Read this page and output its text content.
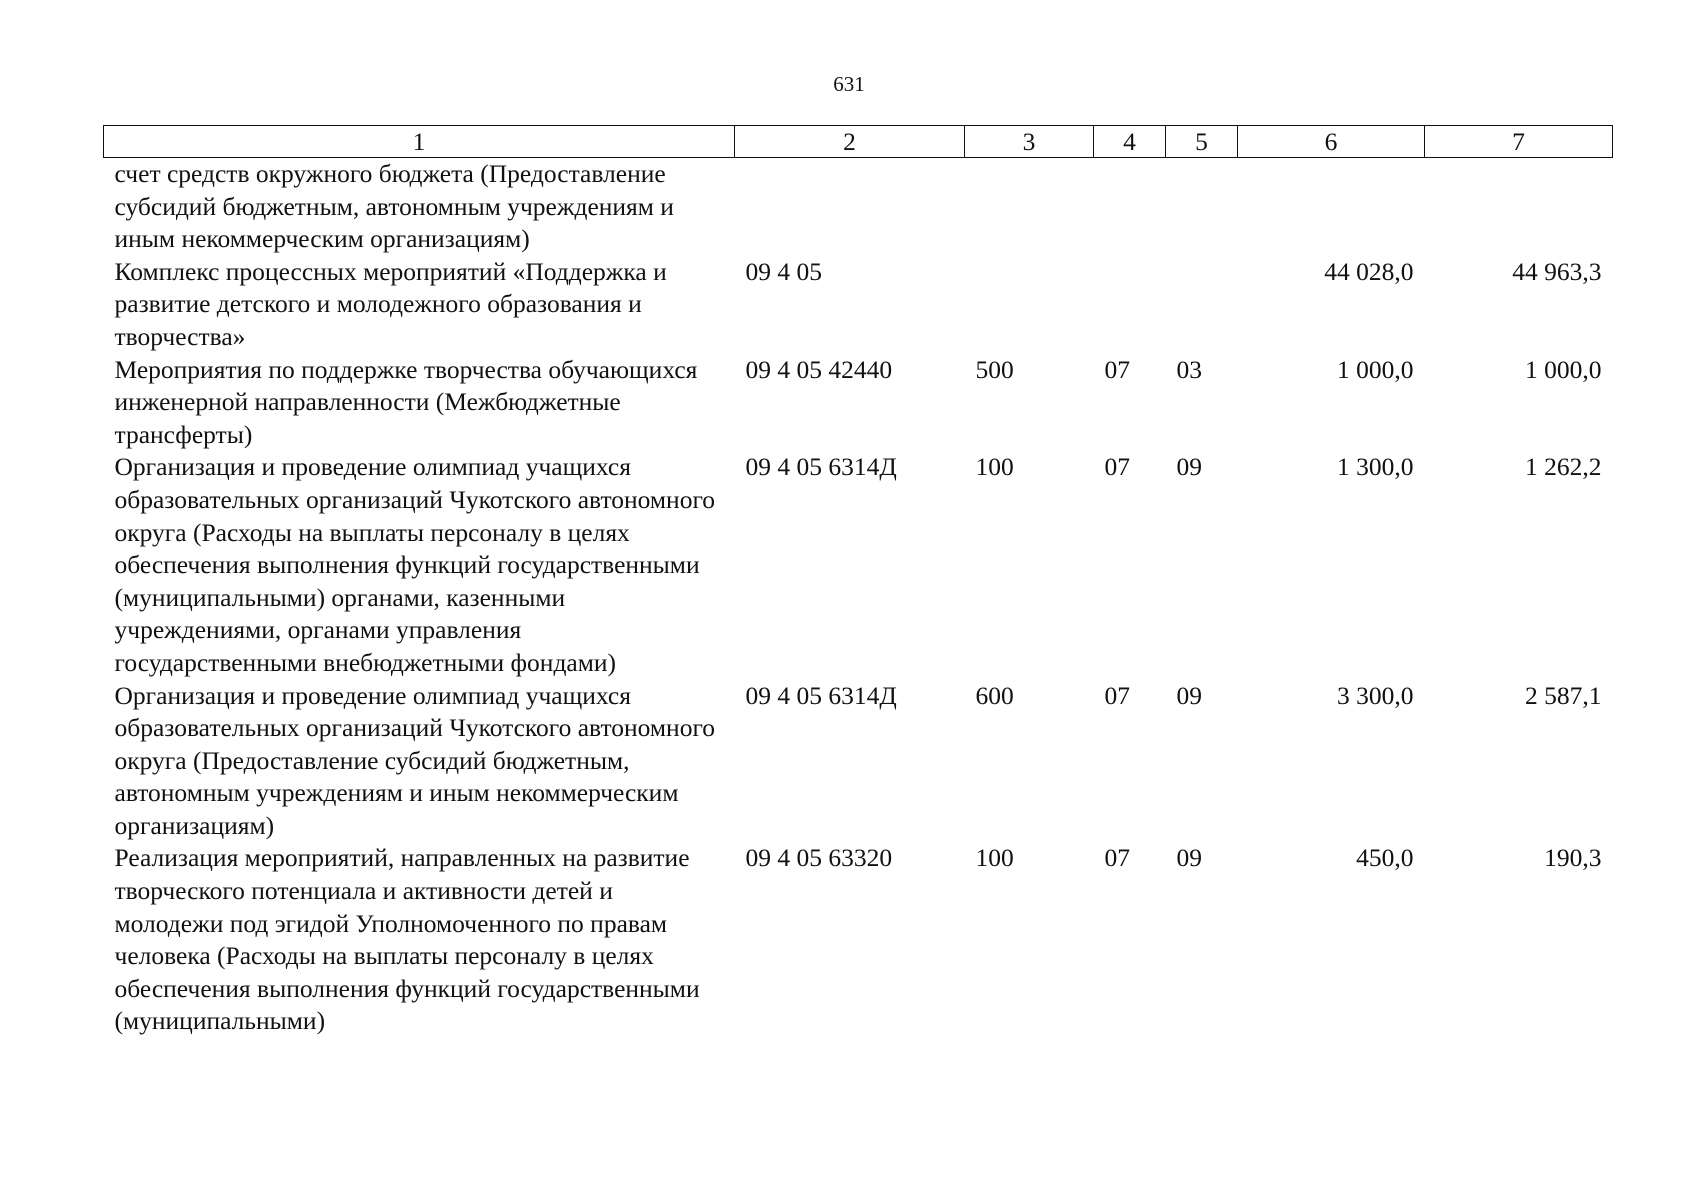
631
1	2	3	4	5	6	7
счет средств окружного бюджета (Предоставление субсидий бюджетным, автономным учреждениям и иным некоммерческим организациям)						
Комплекс процессных мероприятий «Поддержка и развитие детского и молодежного образования и творчества»	09 4 05				44 028,0	44 963,3
Мероприятия по поддержке творчества обучающихся инженерной направленности (Межбюджетные трансферты)	09 4 05 42440	500	07	03	1 000,0	1 000,0
Организация и проведение олимпиад учащихся образовательных организаций Чукотского автономного округа (Расходы на выплаты персоналу в целях обеспечения выполнения функций государственными (муниципальными) органами, казенными учреждениями, органами управления государственными внебюджетными фондами)	09 4 05 6314Д	100	07	09	1 300,0	1 262,2
Организация и проведение олимпиад учащихся образовательных организаций Чукотского автономного округа (Предоставление субсидий бюджетным, автономным учреждениям и иным некоммерческим организациям)	09 4 05 6314Д	600	07	09	3 300,0	2 587,1
Реализация мероприятий, направленных на развитие творческого потенциала и активности детей и молодежи под эгидой Уполномоченного по правам человека (Расходы на выплаты персоналу в целях обеспечения выполнения функций государственными (муниципальными)	09 4 05 63320	100	07	09	450,0	190,3
